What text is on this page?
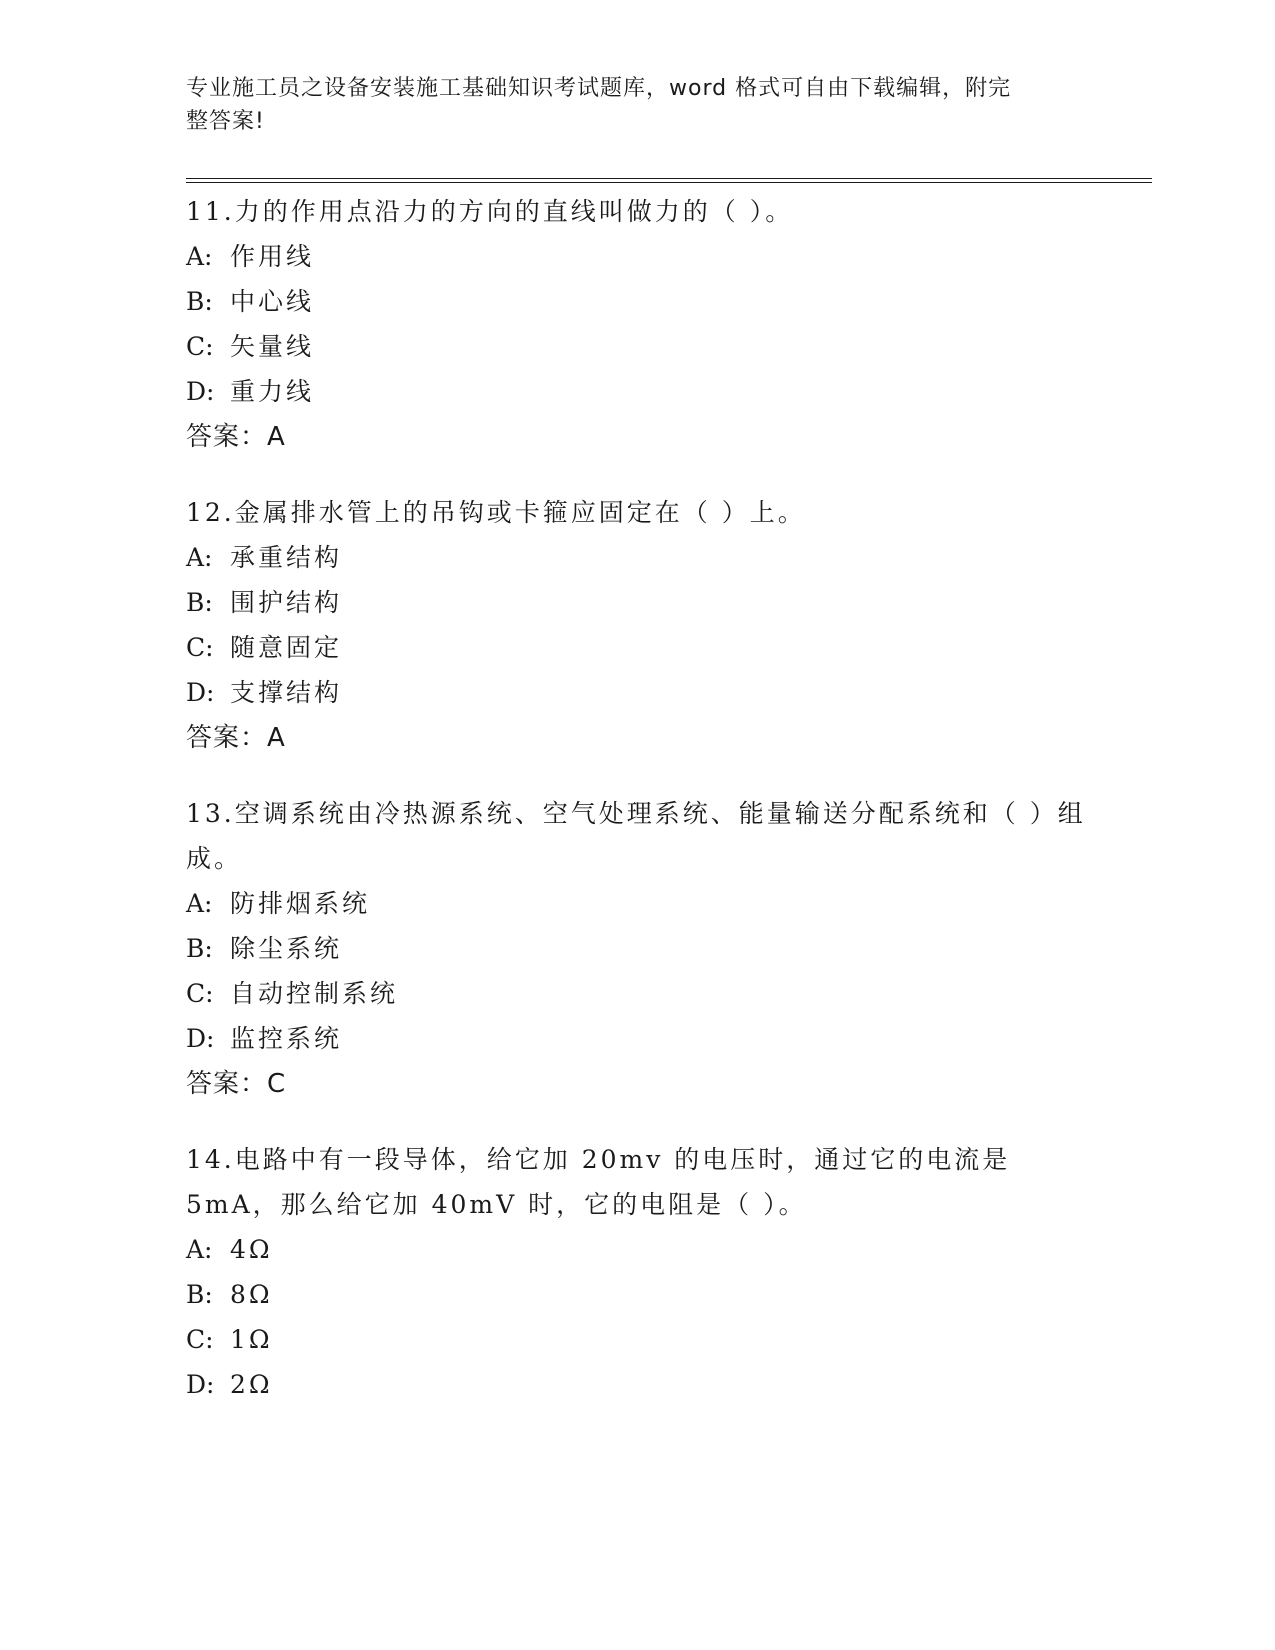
专业施工员之设备安装施工基础知识考试题库，word 格式可自由下载编辑，附完
整答案!
11.力的作用点沿力的方向的直线叫做力的（ ）。
A: 作用线
B: 中心线
C: 矢量线
D: 重力线
答案：A
12.金属排水管上的吊钩或卡箍应固定在（ ）上。
A: 承重结构
B: 围护结构
C: 随意固定
D: 支撑结构
答案：A
13.空调系统由冷热源系统、空气处理系统、能量输送分配系统和（ ）组成。
A: 防排烟系统
B: 除尘系统
C: 自动控制系统
D: 监控系统
答案：C
14.电路中有一段导体，给它加 20mv 的电压时，通过它的电流是 5mA，那么给它加 40mV 时，它的电阻是（ ）。
A: 4Ω
B: 8Ω
C: 1Ω
D: 2Ω
